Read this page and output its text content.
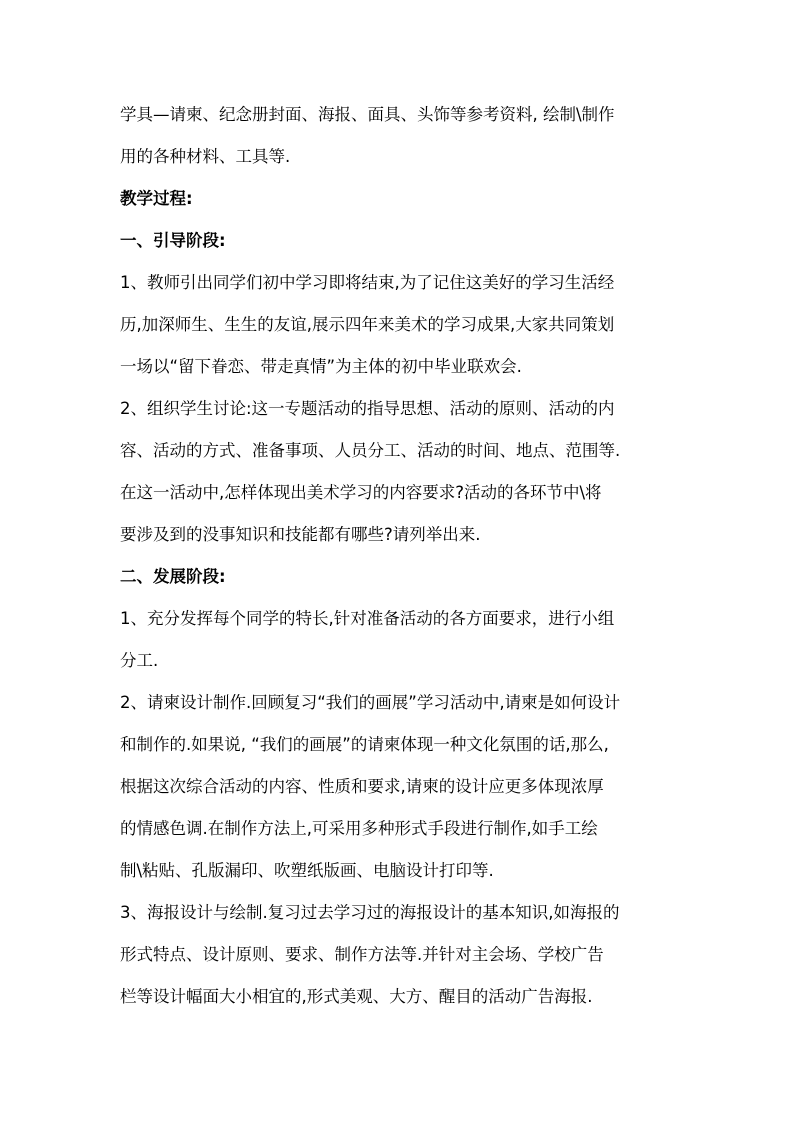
学具—请柬、纪念册封面、海报、面具、头饰等参考资料, 绘制\制作
用的各种材料、工具等.
教学过程:
一、引导阶段:
1、教师引出同学们初中学习即将结束,为了记住这美好的学习生活经
历,加深师生、生生的友谊,展示四年来美术的学习成果,大家共同策划
一场以“留下眷恋、带走真情”为主体的初中毕业联欢会.
2、组织学生讨论:这一专题活动的指导思想、活动的原则、活动的内
容、活动的方式、准备事项、人员分工、活动的时间、地点、范围等.
在这一活动中,怎样体现出美术学习的内容要求?活动的各环节中\将
要涉及到的没事知识和技能都有哪些?请列举出来.
二、发展阶段:
1、充分发挥每个同学的特长,针对准备活动的各方面要求，进行小组
分工.
2、请柬设计制作.回顾复习“我们的画展”学习活动中,请柬是如何设计
和制作的.如果说, “我们的画展”的请柬体现一种文化氛围的话,那么,
根据这次综合活动的内容、性质和要求,请柬的设计应更多体现浓厚
的情感色调.在制作方法上,可采用多种形式手段进行制作,如手工绘
制\粘贴、孔版漏印、吹塑纸版画、电脑设计打印等.
3、海报设计与绘制.复习过去学习过的海报设计的基本知识,如海报的
形式特点、设计原则、要求、制作方法等.并针对主会场、学校广告
栏等设计幅面大小相宜的,形式美观、大方、醒目的活动广告海报.
